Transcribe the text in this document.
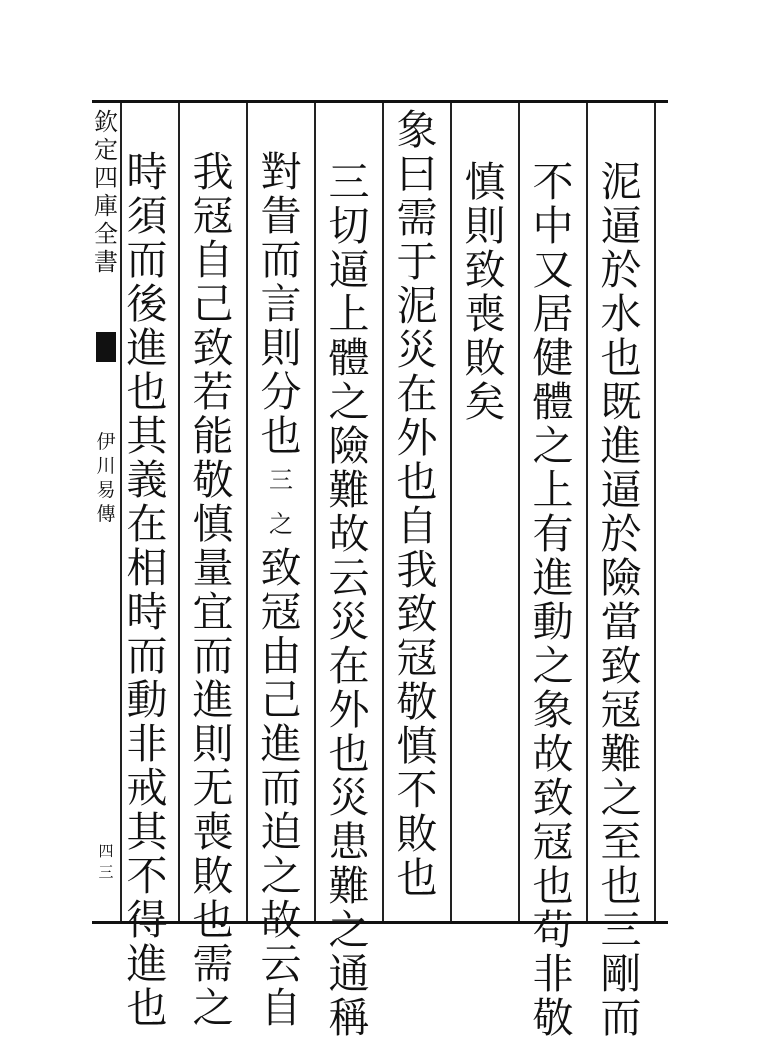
欽
定
四
庫
全
書
伊
川
易
傳
四三
泥
逼
於
水
也
既
進
逼
於
險
當
致
冦
難
之
至
也
三
剛
而
不
中
又
居
健
體
之
上
有
進
動
之
象
故
致
冦
也
苟
非
敬
慎
則
致
喪
敗
矣
象
曰
需
于
泥
災
在
外
也
自
我
致
冦
敬
慎
不
敗
也
三
切
逼
上
體
之
險
難
故
云
災
在
外
也
災
患
難
之
通
稱
對
眚
而
言
則
分
也
三
之
致
冦
由
己
進
而
迫
之
故
云
自
我
冦
自
己
致
若
能
敬
慎
量
宜
而
進
則
无
喪
敗
也
需
之
時
須
而
後
進
也
其
義
在
相
時
而
動
非
戒
其
不
得
進
也
